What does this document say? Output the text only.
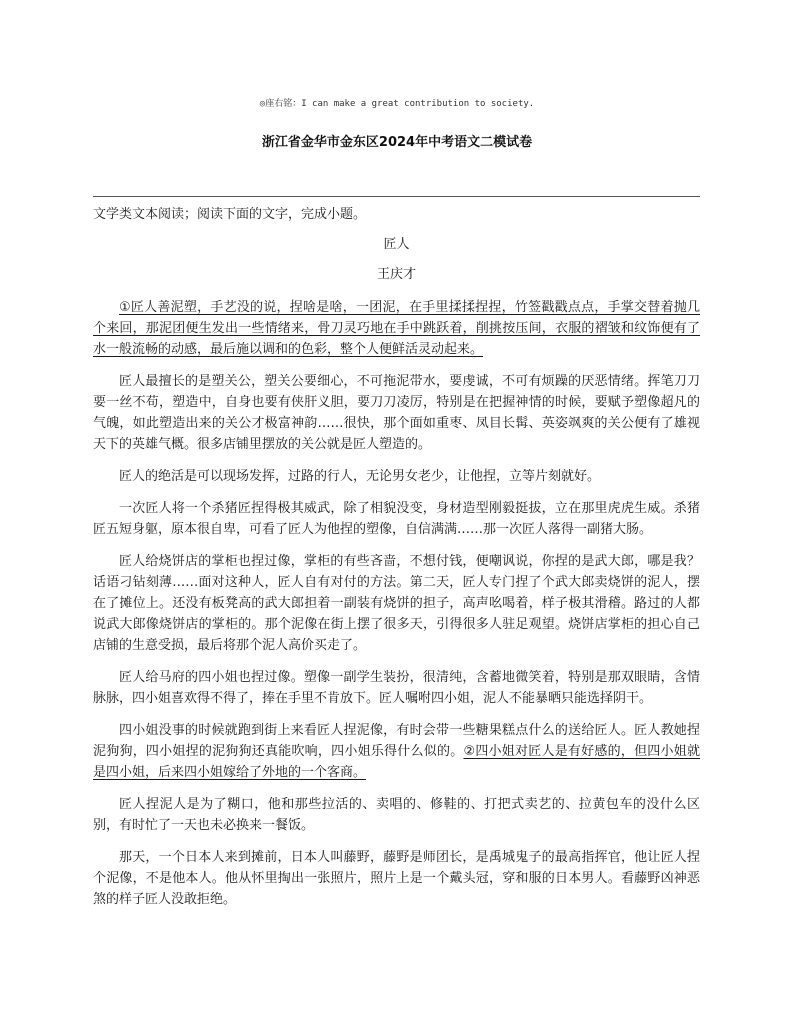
◎座右铭：I can make a great contribution to society.
浙江省金华市金东区2024年中考语文二模试卷

文学类文本阅读；阅读下面的文字，完成小题。

匠人

王庆才

①匠人善泥塑，手艺没的说，捏啥是啥，一团泥，在手里揉揉捏捏，竹签戳戳点点，手掌交替着抛几个来回，那泥团便生发出一些情绪来，骨刀灵巧地在手中跳跃着，削挑按压间，衣服的褶皱和纹饰便有了水一般流畅的动感，最后施以调和的色彩，整个人便鲜活灵动起来。

匠人最擅长的是塑关公，塑关公要细心，不可拖泥带水，要虔诚，不可有烦躁的厌恶情绪。挥笔刀刀要一丝不苟，塑造中，自身也要有侠肝义胆，要刀刀凌厉，特别是在把握神情的时候，要赋予塑像超凡的气魄，如此塑造出来的关公才极富神韵……很快，那个面如重枣、凤目长髯、英姿飒爽的关公便有了雄视天下的英雄气概。很多店铺里摆放的关公就是匠人塑造的。

匠人的绝活是可以现场发挥，过路的行人，无论男女老少，让他捏，立等片刻就好。

一次匠人将一个杀猪匠捏得极其威武，除了相貌没变，身材造型刚毅挺拔，立在那里虎虎生威。杀猪匠五短身躯，原本很自卑，可看了匠人为他捏的塑像，自信满满……那一次匠人落得一副猪大肠。

匠人给烧饼店的掌柜也捏过像，掌柜的有些吝啬，不想付钱，便嘲讽说，你捏的是武大郎，哪是我？话语刁钻刻薄……面对这种人，匠人自有对付的方法。第二天，匠人专门捏了个武大郎卖烧饼的泥人，摆在了摊位上。还没有板凳高的武大郎担着一副装有烧饼的担子，高声吆喝着，样子极其滑稽。路过的人都说武大郎像烧饼店的掌柜的。那个泥像在街上摆了很多天，引得很多人驻足观望。烧饼店掌柜的担心自己店铺的生意受损，最后将那个泥人高价买走了。

匠人给马府的四小姐也捏过像。塑像一副学生装扮，很清纯，含蓄地微笑着，特别是那双眼睛，含情脉脉，四小姐喜欢得不得了，捧在手里不肯放下。匠人嘱咐四小姐，泥人不能暴晒只能选择阴干。

四小姐没事的时候就跑到街上来看匠人捏泥像，有时会带一些糖果糕点什么的送给匠人。匠人教她捏泥狗狗，四小姐捏的泥狗狗还真能吹响，四小姐乐得什么似的。②四小姐对匠人是有好感的，但四小姐就是四小姐，后来四小姐嫁给了外地的一个客商。

匠人捏泥人是为了糊口，他和那些拉活的、卖唱的、修鞋的、打把式卖艺的、拉黄包车的没什么区别，有时忙了一天也未必换来一餐饭。

那天，一个日本人来到摊前，日本人叫藤野，藤野是师团长，是禹城鬼子的最高指挥官，他让匠人捏个泥像，不是他本人。他从怀里掏出一张照片，照片上是一个戴头冠，穿和服的日本男人。看藤野凶神恶煞的样子匠人没敢拒绝。
